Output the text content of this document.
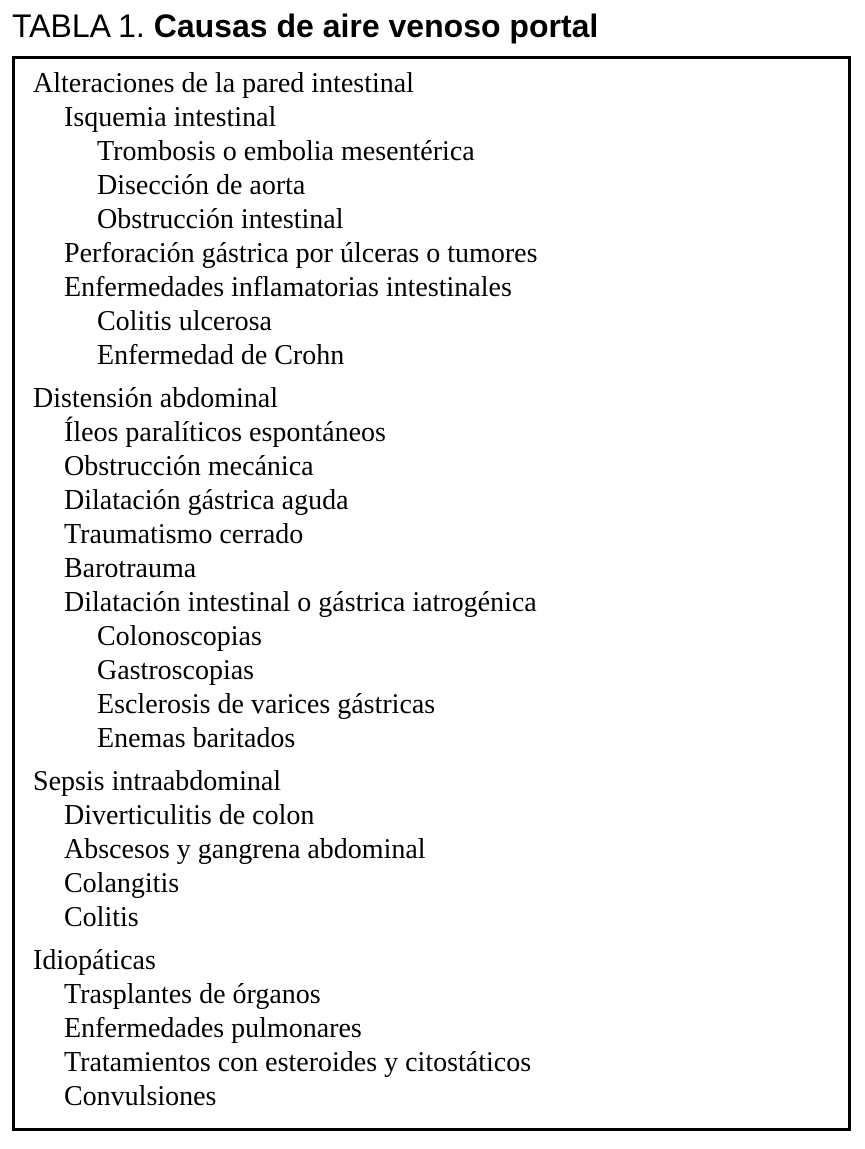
TABLA 1. Causas de aire venoso portal
Alteraciones de la pared intestinal
Isquemia intestinal
Trombosis o embolia mesentérica
Disección de aorta
Obstrucción intestinal
Perforación gástrica por úlceras o tumores
Enfermedades inflamatorias intestinales
Colitis ulcerosa
Enfermedad de Crohn
Distensión abdominal
Íleos paralíticos espontáneos
Obstrucción mecánica
Dilatación gástrica aguda
Traumatismo cerrado
Barotrauma
Dilatación intestinal o gástrica iatrogénica
Colonoscopias
Gastroscopias
Esclerosis de varices gástricas
Enemas baritados
Sepsis intraabdominal
Diverticulitis de colon
Abscesos y gangrena abdominal
Colangitis
Colitis
Idiopáticas
Trasplantes de órganos
Enfermedades pulmonares
Tratamientos con esteroides y citostáticos
Convulsiones
